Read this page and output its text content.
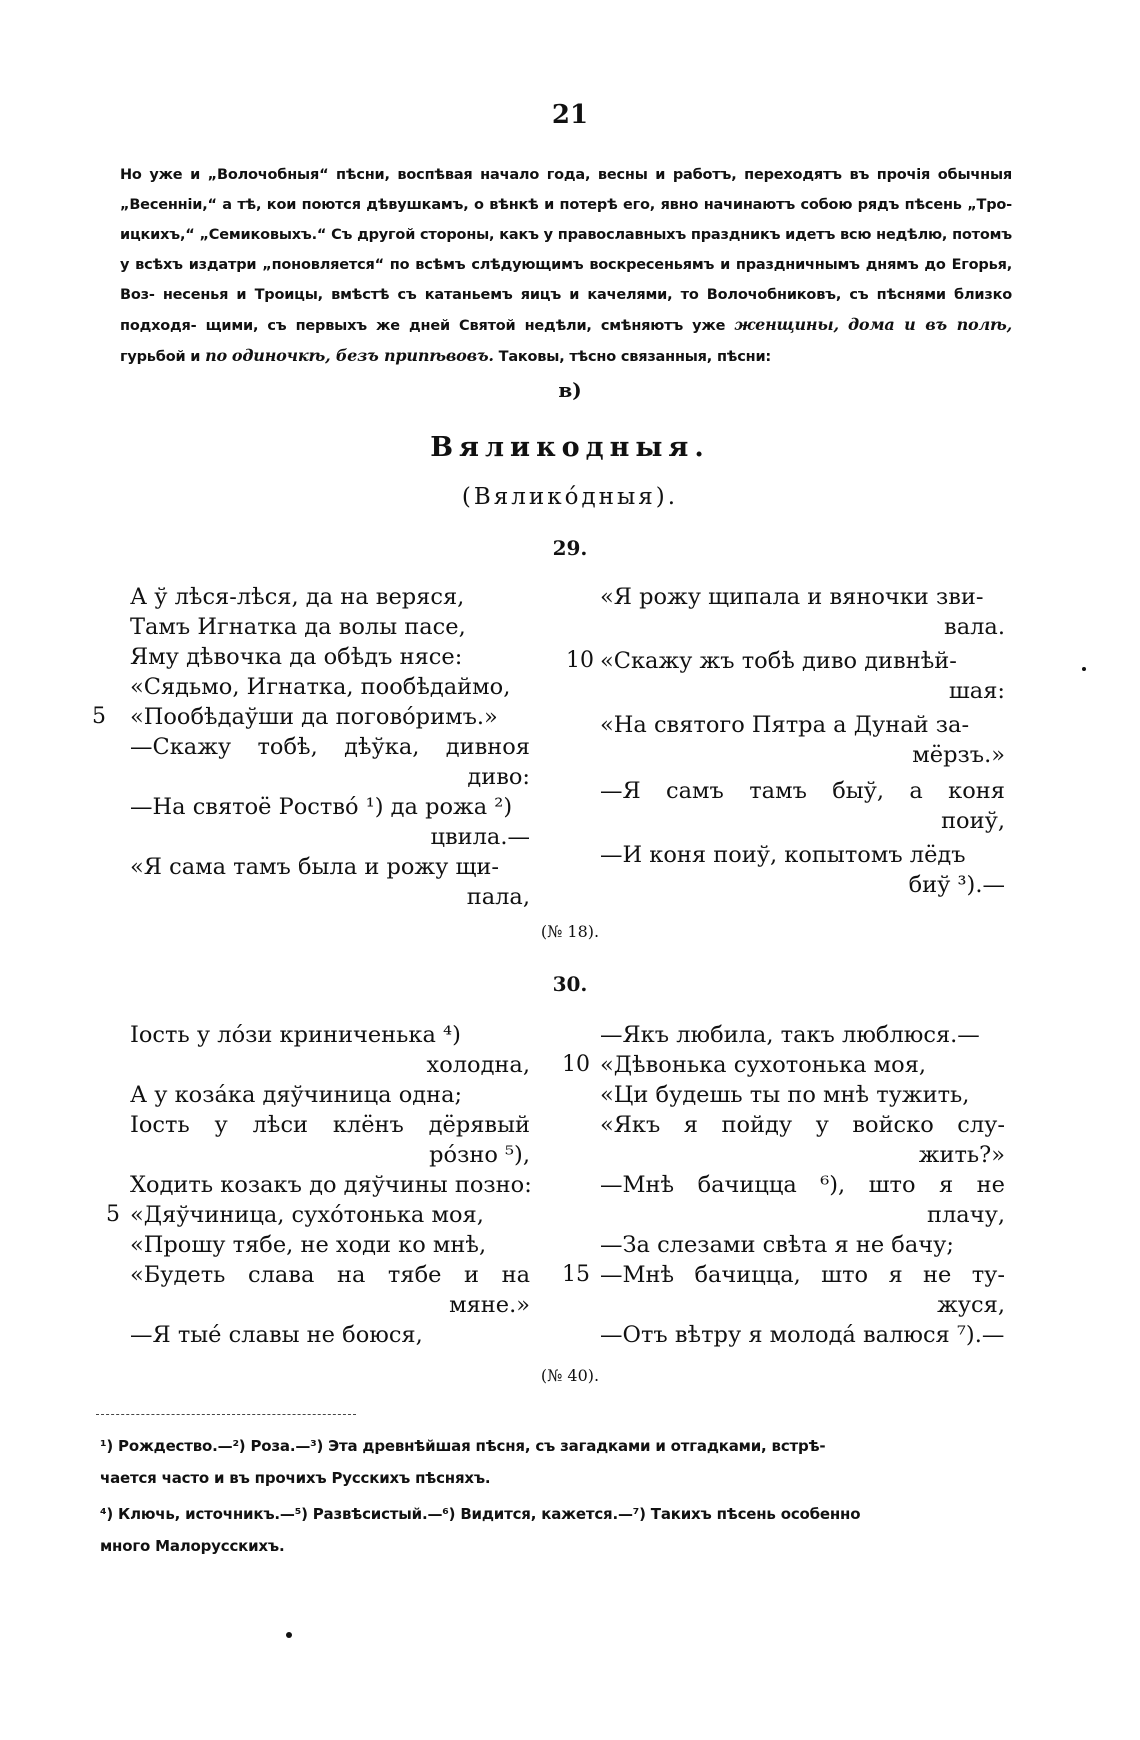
21
Но уже и „Волочобныя“ пѣсни, воспѣвая начало года, весны и работъ, переходятъ въ прочія обычныя „Весенніи,“ а тѣ, кои поются дѣвушкамъ, о вѣнкѣ и потерѣ его, явно начинаютъ собою рядъ пѣсень „Тро- ицкихъ,“ „Семиковыхъ.“ Съ другой стороны, какъ у православныхъ праздникъ идетъ всю недѣлю, потомъ у всѣхъ издатри „поновляется“ по всѣмъ слѣдующимъ воскресеньямъ и праздничнымъ днямъ до Егорья, Воз- несенья и Троицы, вмѣстѣ съ катаньемъ яицъ и качелями, то Волочобниковъ, съ пѣснями близко подходя- щими, съ первыхъ же дней Святой недѣли, смѣняютъ уже женщины, дома и въ полѣ, гурьбой и по одиночкѣ, безъ припѣвовъ. Таковы, тѣсно связанныя, пѣсни:
в)
Вяликодныя.
(Вяликóдныя).
29.
А ў лѣся-лѣся, да на веряся,
Тамъ Игнатка да волы пасе,
Яму дѣвочка да обѣдъ нясе:
«Сядьмо, Игнатка, пообѣдаймо,
«Пообѣдаўши да поговóримъ.»
—Скажу тобѣ, дѣўка, дивноя
диво:
—На святоё Роствó ¹) да рожа ²)
цвила.—
«Я сама тамъ была и рожу щи-
пала,
5
«Я рожу щипала и вяночки зви-
вала.
«Скажу жъ тобѣ диво дивнѣй-
шая:
«На святого Пятра а Дунай за-
мёрзъ.»
—Я самъ тамъ быў, а коня
поиў,
—И коня поиў, копытомъ лёдъ
биў ³).—
10
(№ 18).
30.
Іость у лóзи криниченька ⁴)
холодна,
А у козáка дяўчиница одна;
Іость у лѣси клёнъ дёрявый
рóзно ⁵),
Ходить козакъ до дяўчины позно:
«Дяўчиница, сухóтонька моя,
«Прошу тябе, не ходи ко мнѣ,
«Будеть слава на тябе и на
мяне.»
—Я тыé славы не боюся,
5
—Якъ любила, такъ люблюся.—
«Дѣвонька сухотонька моя,
«Ци будешь ты по мнѣ тужить,
«Якъ я пойду у войско слу-
жить?»
—Мнѣ бачицца ⁶), што я не
плачу,
—За слезами свѣта я не бачу;
—Мнѣ бачицца, што я не ту-
жуся,
—Отъ вѣтру я молодá валюся ⁷).—
10
15
(№ 40).

¹) Рождество.—²) Роза.—³) Эта древнѣйшая пѣсня, съ загадками и отгадками, встрѣ-

чается часто и въ прочихъ Русскихъ пѣсняхъ.

⁴) Ключь, источникъ.—⁵) Развѣсистый.—⁶) Видится, кажется.—⁷) Такихъ пѣсень особенно

много Малорусскихъ.
